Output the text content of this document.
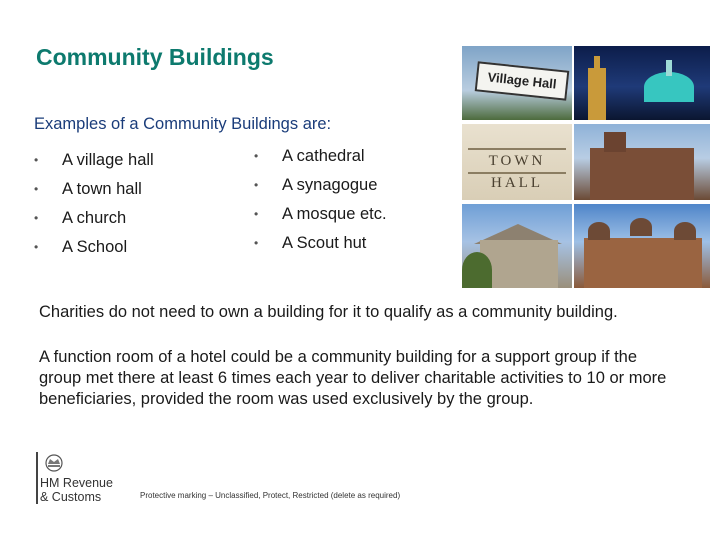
Community Buildings
Examples of a Community Buildings are:
• A village hall
• A town hall
• A church
• A School
• A cathedral
• A synagogue
• A mosque etc.
• A Scout hut
Village Hall
TOWN HALL

Charities do not need to own a building for it to qualify as a community building.

A function room of a hotel could be a community building for a support group if the group met there at least 6 times each year to deliver charitable activities to 10 or more beneficiaries, provided the room was used exclusively by the group.

HM Revenue
& Customs	Protective marking – Unclassified, Protect, Restricted (delete as required)
